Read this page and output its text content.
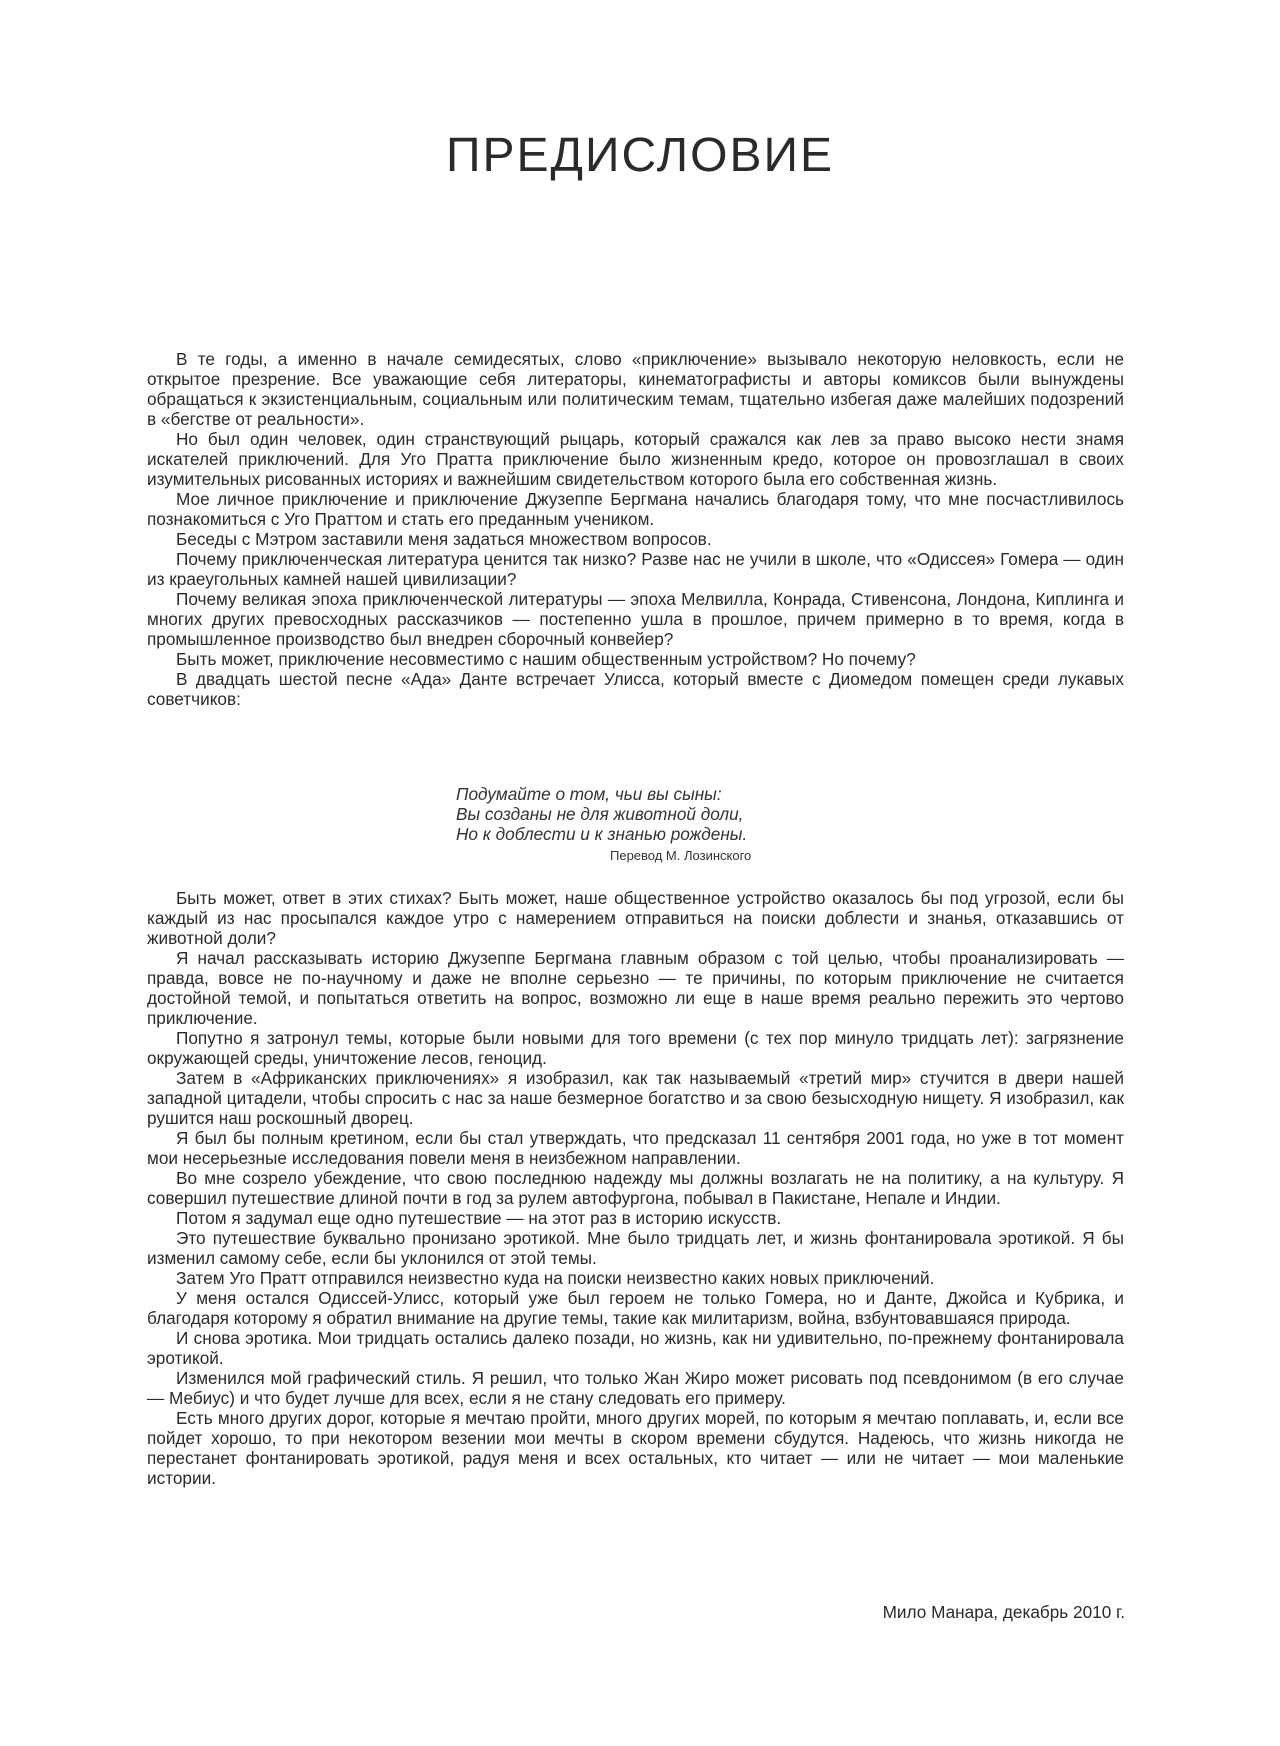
ПРЕДИСЛОВИЕ

В те годы, а именно в начале семидесятых, слово «приключение» вызывало некоторую неловкость, если не открытое презрение. Все уважающие себя литераторы, кинематографисты и авторы комиксов были вынуждены обращаться к экзистенциальным, социальным или политическим темам, тщательно избегая даже малейших подозрений в «бегстве от реальности».

Но был один человек, один странствующий рыцарь, который сражался как лев за право высоко нести знамя искателей приключений. Для Уго Пратта приключение было жизненным кредо, которое он провозглашал в своих изумительных рисованных историях и важнейшим свидетельством которого была его собственная жизнь.

Мое личное приключение и приключение Джузеппе Бергмана начались благодаря тому, что мне посчастливилось познакомиться с Уго Праттом и стать его преданным учеником.

Беседы с Мэтром заставили меня задаться множеством вопросов.

Почему приключенческая литература ценится так низко? Разве нас не учили в школе, что «Одиссея» Гомера — один из краеугольных камней нашей цивилизации?

Почему великая эпоха приключенческой литературы — эпоха Мелвилла, Конрада, Стивенсона, Лондона, Киплинга и многих других превосходных рассказчиков — постепенно ушла в прошлое, причем примерно в то время, когда в промышленное производство был внедрен сборочный конвейер?

Быть может, приключение несовместимо с нашим общественным устройством? Но почему?

В двадцать шестой песне «Ада» Данте встречает Улисса, который вместе с Диомедом помещен среди лукавых советчиков:

Подумайте о том, чьи вы сыны:
Вы созданы не для животной доли,
Но к доблести и к знанью рождены.
Перевод М. Лозинского

Быть может, ответ в этих стихах? Быть может, наше общественное устройство оказалось бы под угрозой, если бы каждый из нас просыпался каждое утро с намерением отправиться на поиски доблести и знанья, отказавшись от животной доли?

Я начал рассказывать историю Джузеппе Бергмана главным образом с той целью, чтобы проанализировать — правда, вовсе не по-научному и даже не вполне серьезно — те причины, по которым приключение не считается достойной темой, и попытаться ответить на вопрос, возможно ли еще в наше время реально пережить это чертово приключение.

Попутно я затронул темы, которые были новыми для того времени (с тех пор минуло тридцать лет): загрязнение окружающей среды, уничтожение лесов, геноцид.

Затем в «Африканских приключениях» я изобразил, как так называемый «третий мир» стучится в двери нашей западной цитадели, чтобы спросить с нас за наше безмерное богатство и за свою безысходную нищету. Я изобразил, как рушится наш роскошный дворец.

Я был бы полным кретином, если бы стал утверждать, что предсказал 11 сентября 2001 года, но уже в тот момент мои несерьезные исследования повели меня в неизбежном направлении.

Во мне созрело убеждение, что свою последнюю надежду мы должны возлагать не на политику, а на культуру. Я совершил путешествие длиной почти в год за рулем автофургона, побывал в Пакистане, Непале и Индии.

Потом я задумал еще одно путешествие — на этот раз в историю искусств.

Это путешествие буквально пронизано эротикой. Мне было тридцать лет, и жизнь фонтанировала эротикой. Я бы изменил самому себе, если бы уклонился от этой темы.

Затем Уго Пратт отправился неизвестно куда на поиски неизвестно каких новых приключений.

У меня остался Одиссей-Улисс, который уже был героем не только Гомера, но и Данте, Джойса и Кубрика, и благодаря которому я обратил внимание на другие темы, такие как милитаризм, война, взбунтовавшаяся природа.

И снова эротика. Мои тридцать остались далеко позади, но жизнь, как ни удивительно, по-прежнему фонтанировала эротикой.

Изменился мой графический стиль. Я решил, что только Жан Жиро может рисовать под псевдонимом (в его случае — Мебиус) и что будет лучше для всех, если я не стану следовать его примеру.

Есть много других дорог, которые я мечтаю пройти, много других морей, по которым я мечтаю поплавать, и, если все пойдет хорошо, то при некотором везении мои мечты в скором времени сбудутся. Надеюсь, что жизнь никогда не перестанет фонтанировать эротикой, радуя меня и всех остальных, кто читает — или не читает — мои маленькие истории.

Мило Манара, декабрь 2010 г.
